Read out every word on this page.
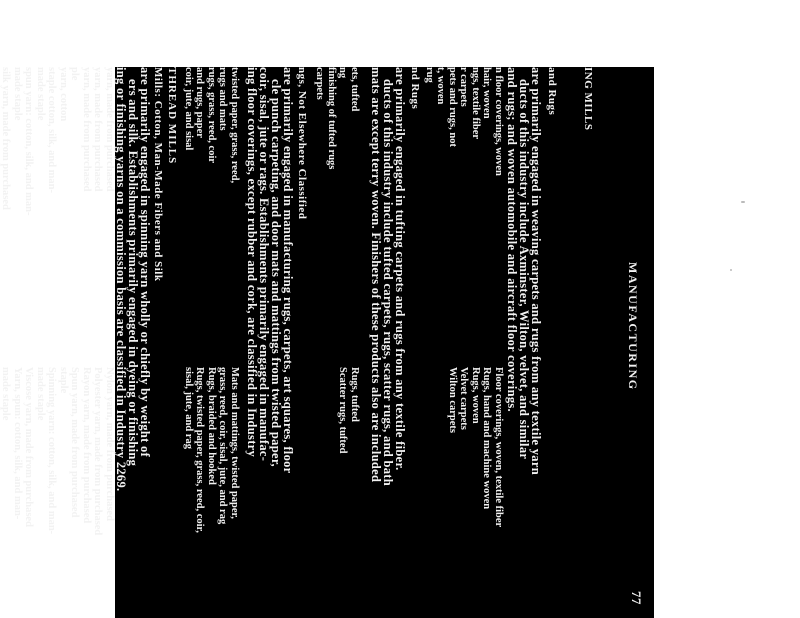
MANUFACTURING
77
ING MILLS
and Rugs
are primarily engaged in weaving carpets and rugs from any textile yarn
ducts of this industry include Axminster, Wilton, velvet, and similar
and rugs; and woven automobile and aircraft floor coverings.
n floor coverings, woven
hair, woven
ngs, textile fiber
r carpets
pets and rugs, not
t, woven
rug
Floor coverings, woven, textile fiber
Rugs, hand and machine woven
Rugs, woven
Velvet carpets
Wilton carpets
nd Rugs
are primarily engaged in tufting carpets and rugs from any textile fiber.
ducts of this industry include tufted carpets, rugs, scatter rugs, and bath
mats are except terry woven. Finishers of these products also are included
ets, tufted
ng
finishing of tufted rugs
carpets
Rugs, tufted
Scatter rugs, tufted
ngs, Not Elsewhere Classified
are primarily engaged in manufacturing rugs, carpets, art squares, floor
cle punch carpeting, and door mats and mattings from twisted paper,
coir, sisal, jute or rags. Establishments primarily engaged in manufac-
ing floor coverings, except rubber and cork, are classified in Industry
twisted paper, grass, reed,
rugs and mats
rugs, grass, reed, coir
and rugs, paper
coir, jute, and sisal
Mats and mattings, twisted paper,
grass, reed, coir, sisal, jute, and rag
Rugs, braided and hooked
Rugs, twisted paper, grass, reed, coir,
sisal, jute, and rag
THREAD MILLS
Mills: Cotton, Man-Made Fibers and Silk
are primarily engaged in spinning yarn wholly or chiefly by weight of
ers and silk. Establishments primarily engaged in dyeing or finishing
ing or finishing yarns on a commission basis are classified in Industry 2269.
yarn, made from purchased
yarn, made from purchased
yarn, made from purchased
ple
yarn, cotton
staple cotton, silk, and man-
made staple
spun yarn: cotton, silk, and man-
made staple
silk yarn, made from purchased
Nylon yarn, made from purchased
Polyester yarn, made from purchased
Rayon yarn, made from purchased
Spun yarn, made from purchased
staple
Spinning yarn: cotton, silk, and man-
made staple
Viscose yarn, made from purchased
Yarn, spun: cotton, silk, and man-
made staple
